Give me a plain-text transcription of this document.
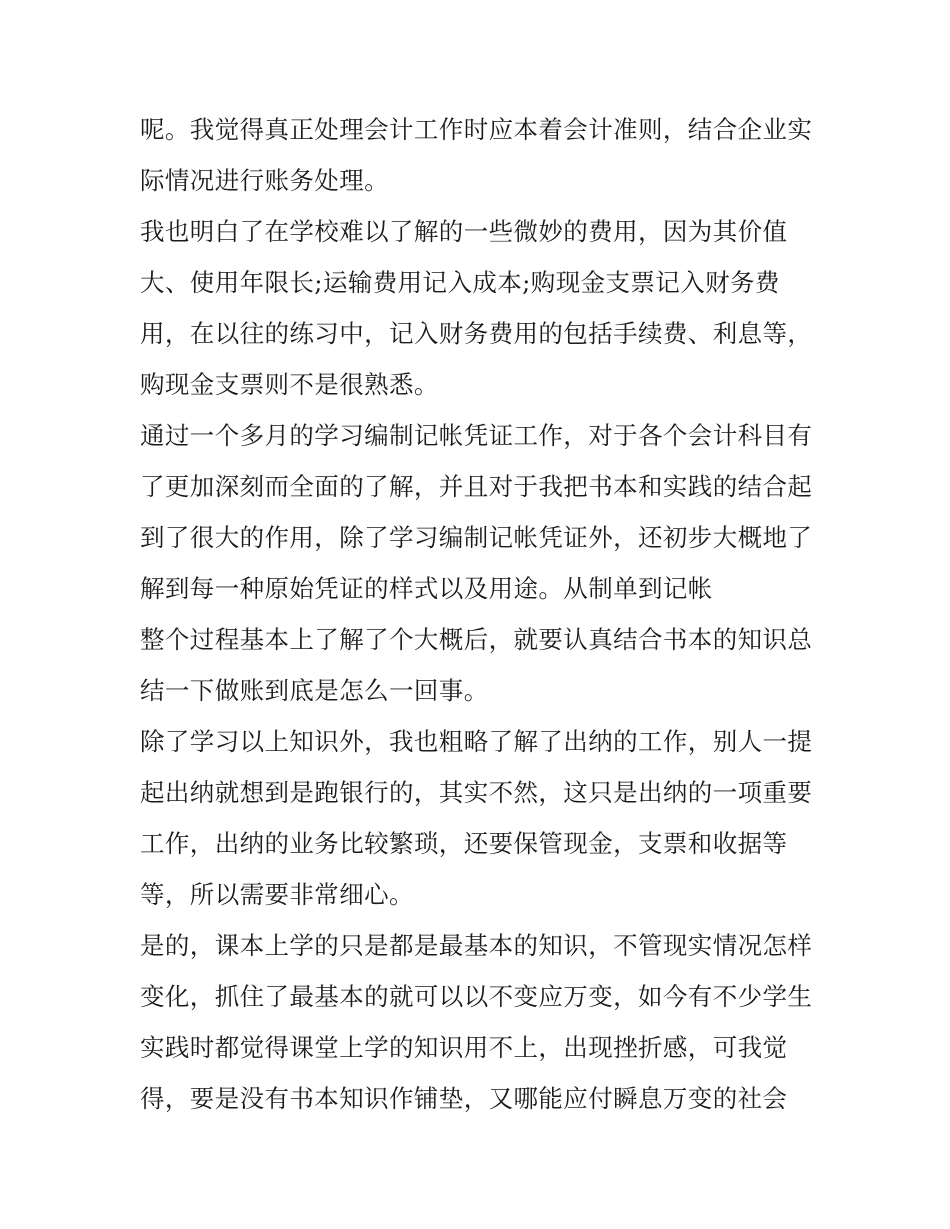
呢。我觉得真正处理会计工作时应本着会计准则，结合企业实
际情况进行账务处理。
我也明白了在学校难以了解的一些微妙的费用，因为其价值
大、使用年限长;运输费用记入成本;购现金支票记入财务费
用，在以往的练习中，记入财务费用的包括手续费、利息等，
购现金支票则不是很熟悉。
通过一个多月的学习编制记帐凭证工作，对于各个会计科目有
了更加深刻而全面的了解，并且对于我把书本和实践的结合起
到了很大的作用，除了学习编制记帐凭证外，还初步大概地了
解到每一种原始凭证的样式以及用途。从制单到记帐
整个过程基本上了解了个大概后，就要认真结合书本的知识总
结一下做账到底是怎么一回事。
除了学习以上知识外，我也粗略了解了出纳的工作，别人一提
起出纳就想到是跑银行的，其实不然，这只是出纳的一项重要
工作，出纳的业务比较繁琐，还要保管现金，支票和收据等
等，所以需要非常细心。
是的，课本上学的只是都是最基本的知识，不管现实情况怎样
变化，抓住了最基本的就可以以不变应万变，如今有不少学生
实践时都觉得课堂上学的知识用不上，出现挫折感，可我觉
得，要是没有书本知识作铺垫，又哪能应付瞬息万变的社会
